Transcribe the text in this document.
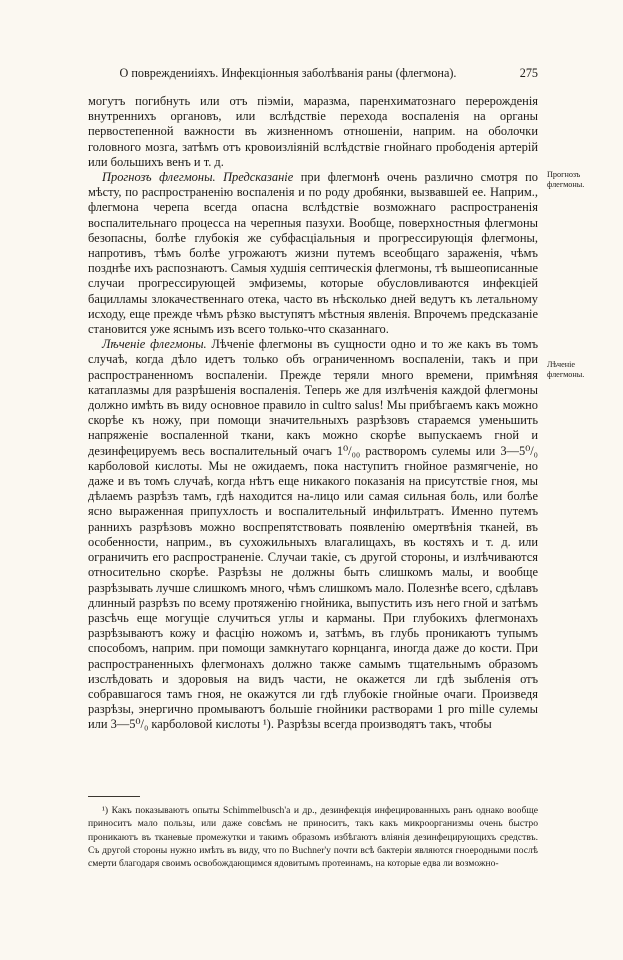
О повреждениіяхъ. Инфекціонныя заболѣванія раны (флегмона).	275

могутъ погибнуть или отъ пiэміи, маразма, паренхиматознаго перерожденія внутреннихъ органовъ, или вслѣдствіе перехода воспаленія на органы первостепенной важности въ жизненномъ отношеніи, наприм. на оболочки головного мозга, затѣмъ отъ кровоизліяній вслѣдствіе гнойнаго прободенія артерій или большихъ венъ и т. д.

Прогнозъ флегмоны. Предсказаніе при флегмонѣ очень различно смотря по мѣсту, по распространенію воспаленія и по роду дробянки, вызвавшей ее. Наприм., флегмона черепа всегда опасна вслѣдствіе возможнаго распространенія воспалительнаго процесса на черепныя пазухи. Вообще, поверхностныя флегмоны безопасны, болѣе глубокія же субфасціальныя и прогрессирующія флегмоны, напротивъ, тѣмъ болѣе угрожаютъ жизни путемъ всеобщаго зараженія, чѣмъ позднѣе ихъ распознаютъ. Самыя худшія септическія флегмоны, тѣ вышеописанные случаи прогрессирующей эмфиземы, которые обусловливаются инфекціей бацилламы злокачественнаго отека, часто въ нѣсколько дней ведутъ къ летальному исходу, еще прежде чѣмъ рѣзко выступятъ мѣстныя явленія. Впрочемъ предсказаніе становится уже яснымъ изъ всего только-что сказаннаго.

Лѣченіе флегмоны. Лѣченіе флегмоны въ сущности одно и то же какъ въ томъ случаѣ, когда дѣло идетъ только объ ограниченномъ воспаленіи, такъ и при распространенномъ воспаленіи. Прежде теряли много времени, примѣняя катаплазмы для разрѣшенія воспаленія. Теперь же для излѣченія каждой флегмоны должно имѣть въ виду основное правило in cultro salus! Мы прибѣгаемъ какъ можно скорѣе къ ножу, при помощи значительныхъ разрѣзовъ стараемся уменьшить напряженіе воспаленной ткани, какъ можно скорѣе выпускаемъ гной и дезинфецируемъ весь воспалительный очагъ 1⁰/₀₀ растворомъ сулемы или 3—5⁰/₀ карболовой кислоты. Мы не ожидаемъ, пока наступитъ гнойное размягченіе, но даже и въ томъ случаѣ, когда нѣтъ еще никакого показанія на присутствіе гноя, мы дѣлаемъ разрѣзъ тамъ, гдѣ находится на-лицо или самая сильная боль, или болѣе ясно выраженная припухлость и воспалительный инфильтратъ. Именно путемъ раннихъ разрѣзовъ можно воспрепятствовать появленію омертвѣнія тканей, въ особенности, наприм., въ сухожильныхъ влагалищахъ, въ костяхъ и т. д. или ограничить его распространеніе. Случаи такіе, съ другой стороны, и излѣчиваются относительно скорѣе. Разрѣзы не должны быть слишкомъ малы, и вообще разрѣзывать лучше слишкомъ много, чѣмъ слишкомъ мало. Полезнѣе всего, сдѣлавъ длинный разрѣзъ по всему протяженію гнойника, выпустить изъ него гной и затѣмъ разсѣчь еще могущіе случиться углы и карманы. При глубокихъ флегмонахъ разрѣзываютъ кожу и фасцію ножомъ и, затѣмъ, въ глубь проникаютъ тупымъ способомъ, наприм. при помощи замкнутаго корнцанга, иногда даже до кости. При распространенныхъ флегмонахъ должно также самымъ тщательнымъ образомъ изслѣдовать и здоровыя на видъ части, не окажется ли гдѣ зыбленія отъ собравшагося тамъ гноя, не окажутся ли гдѣ глубокіе гнойные очаги. Произведя разрѣзы, энергично промываютъ большіе гнойники растворами 1 pro mille сулемы или 3—5⁰/₀ карболовой кислоты ¹). Разрѣзы всегда производятъ такъ, чтобы

Прогнозъ
флегмоны.
Лѣченіе
флегмоны.

¹) Какъ показываютъ опыты Schimmelbusch'а и др., дезинфекція инфецированныхъ ранъ однако вообще приноситъ мало пользы, или даже совсѣмъ не приноситъ, такъ какъ микроорганизмы очень быстро проникаютъ въ тканевые промежутки и такимъ образомъ избѣгаютъ вліянія дезинфецирующихъ средствъ. Съ другой стороны нужно имѣть въ виду, что по Buchner'у почти всѣ бактеріи являются гноеродными послѣ смерти благодаря своимъ освобождающимся ядовитымъ протеинамъ, на которые едва ли возможно-
